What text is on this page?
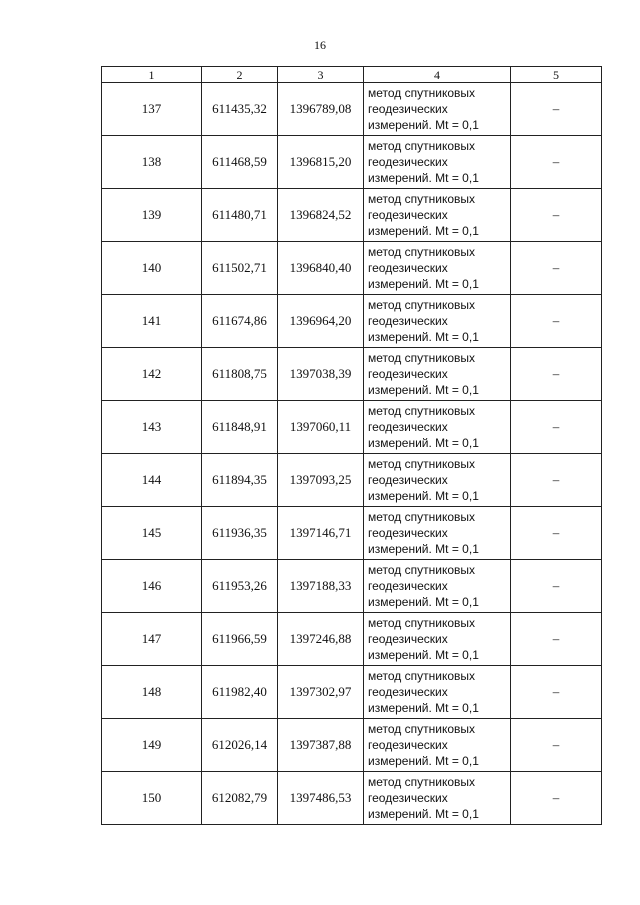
16
1	2	3	4	5
137	611435,32	1396789,08	метод спутниковых
геодезических
измерений. Mt = 0,1	–
138	611468,59	1396815,20	метод спутниковых
геодезических
измерений. Mt = 0,1	–
139	611480,71	1396824,52	метод спутниковых
геодезических
измерений. Mt = 0,1	–
140	611502,71	1396840,40	метод спутниковых
геодезических
измерений. Mt = 0,1	–
141	611674,86	1396964,20	метод спутниковых
геодезических
измерений. Mt = 0,1	–
142	611808,75	1397038,39	метод спутниковых
геодезических
измерений. Mt = 0,1	–
143	611848,91	1397060,11	метод спутниковых
геодезических
измерений. Mt = 0,1	–
144	611894,35	1397093,25	метод спутниковых
геодезических
измерений. Mt = 0,1	–
145	611936,35	1397146,71	метод спутниковых
геодезических
измерений. Mt = 0,1	–
146	611953,26	1397188,33	метод спутниковых
геодезических
измерений. Mt = 0,1	–
147	611966,59	1397246,88	метод спутниковых
геодезических
измерений. Mt = 0,1	–
148	611982,40	1397302,97	метод спутниковых
геодезических
измерений. Mt = 0,1	–
149	612026,14	1397387,88	метод спутниковых
геодезических
измерений. Mt = 0,1	–
150	612082,79	1397486,53	метод спутниковых
геодезических
измерений. Mt = 0,1	–
